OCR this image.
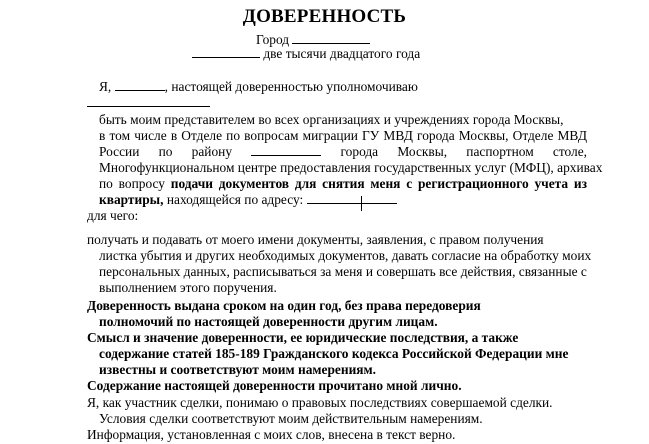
ДОВЕРЕННОСТЬ
Город
две тысячи двадцатого года
Я,	, настоящей доверенностью уполномочиваю
быть моим представителем во всех организациях и учреждениях города Москвы,
в том числе в Отделе по вопросам миграции ГУ МВД города Москвы, Отделе МВД
России по району	города Москвы, паспортном столе,
Многофункциональном центре предоставления государственных услуг (МФЦ), архивах
по вопросу подачи документов для снятия меня с регистрационного учета из
квартиры, находящейся по адресу:
для чего:
получать и подавать от моего имени документы, заявления, с правом получения
листка убытия и других необходимых документов, давать согласие на обработку моих
персональных данных, расписываться за меня и совершать все действия, связанные с
выполнением этого поручения.
Доверенность выдана сроком на один год, без права передоверия
полномочий по настоящей доверенности другим лицам.
Смысл и значение доверенности, ее юридические последствия, а также
содержание статей 185-189 Гражданского кодекса Российской Федерации мне
известны и соответствуют моим намерениям.
Содержание настоящей доверенности прочитано мной лично.
Я, как участник сделки, понимаю о правовых последствиях совершаемой сделки.
Условия сделки соответствуют моим действительным намерениям.
Информация, установленная с моих слов, внесена в текст верно.
